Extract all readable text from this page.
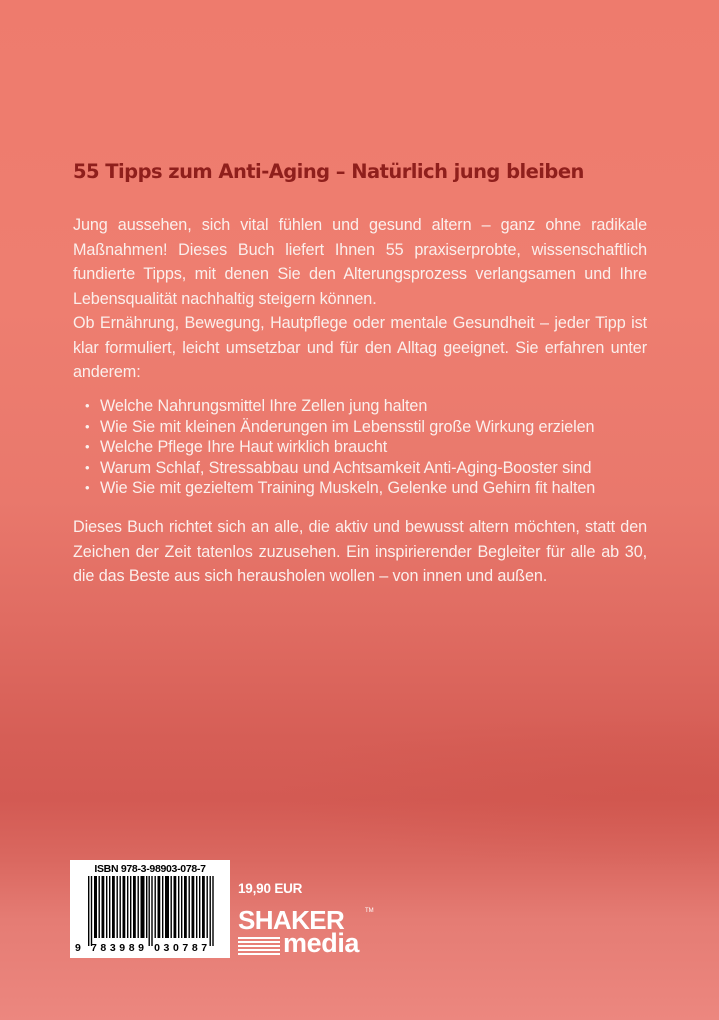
55 Tipps zum Anti-Aging – Natürlich jung bleiben

Jung aussehen, sich vital fühlen und gesund altern – ganz ohne radikale Maßnahmen! Dieses Buch liefert Ihnen 55 praxiserprobte, wissenschaftlich fundierte Tipps, mit denen Sie den Alterungsprozess verlangsamen und Ihre Lebensqualität nachhaltig steigern können.

Ob Ernährung, Bewegung, Hautpflege oder mentale Gesundheit – jeder Tipp ist klar formuliert, leicht umsetzbar und für den Alltag geeignet. Sie erfahren unter anderem:

• Welche Nahrungsmittel Ihre Zellen jung halten
• Wie Sie mit kleinen Änderungen im Lebensstil große Wirkung erzielen
• Welche Pflege Ihre Haut wirklich braucht
• Warum Schlaf, Stressabbau und Achtsamkeit Anti-Aging-Booster sind
• Wie Sie mit gezieltem Training Muskeln, Gelenke und Gehirn fit halten

Dieses Buch richtet sich an alle, die aktiv und bewusst altern möchten, statt den Zeichen der Zeit tatenlos zuzusehen. Ein inspirierender Begleiter für alle ab 30, die das Beste aus sich herausholen wollen – von innen und außen.

ISBN 978-3-98903-078-7
9 783989 030787
19,90 EUR
SHAKER	TM
media
